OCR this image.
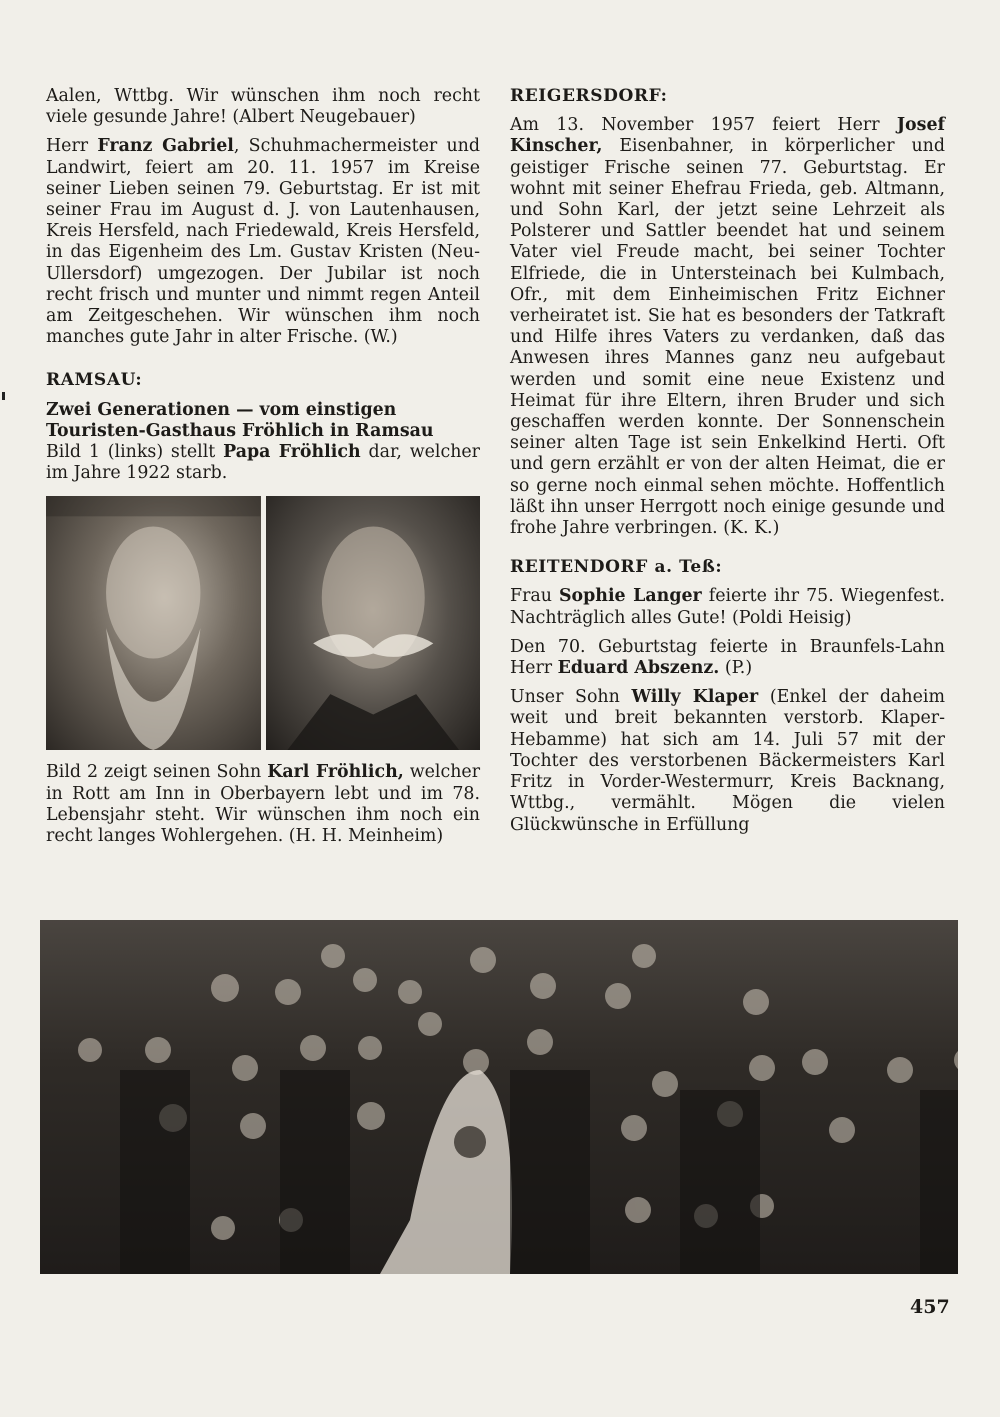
Aalen, Wttbg. Wir wünschen ihm noch recht viele gesunde Jahre! (Albert Neugebauer)

Herr Franz Gabriel, Schuhmachermeister und Landwirt, feiert am 20. 11. 1957 im Kreise seiner Lieben seinen 79. Geburtstag. Er ist mit seiner Frau im August d. J. von Lautenhausen, Kreis Hersfeld, nach Friedewald, Kreis Hersfeld, in das Eigenheim des Lm. Gustav Kristen (Neu-Ullersdorf) umgezogen. Der Jubilar ist noch recht frisch und munter und nimmt regen Anteil am Zeitgeschehen. Wir wünschen ihm noch manches gute Jahr in alter Frische. (W.)

RAMSAU:
Zwei Generationen — vom einstigen
Touristen-Gasthaus Fröhlich in Ramsau

Bild 1 (links) stellt Papa Fröhlich dar, welcher im Jahre 1922 starb.

Bild 2 zeigt seinen Sohn Karl Fröhlich, welcher in Rott am Inn in Oberbayern lebt und im 78. Lebensjahr steht. Wir wünschen ihm noch ein recht langes Wohlergehen. (H. H. Meinheim)

REIGERSDORF:

Am 13. November 1957 feiert Herr Josef Kinscher, Eisenbahner, in körperlicher und geistiger Frische seinen 77. Geburtstag. Er wohnt mit seiner Ehefrau Frieda, geb. Altmann, und Sohn Karl, der jetzt seine Lehrzeit als Polsterer und Sattler beendet hat und seinem Vater viel Freude macht, bei seiner Tochter Elfriede, die in Untersteinach bei Kulmbach, Ofr., mit dem Einheimischen Fritz Eichner verheiratet ist. Sie hat es besonders der Tatkraft und Hilfe ihres Vaters zu verdanken, daß das Anwesen ihres Mannes ganz neu aufgebaut werden und somit eine neue Existenz und Heimat für ihre Eltern, ihren Bruder und sich geschaffen werden konnte. Der Sonnenschein seiner alten Tage ist sein Enkelkind Herti. Oft und gern erzählt er von der alten Heimat, die er so gerne noch einmal sehen möchte. Hoffentlich läßt ihn unser Herrgott noch einige gesunde und frohe Jahre verbringen. (K. K.)

REITENDORF a. Teß:

Frau Sophie Langer feierte ihr 75. Wiegenfest. Nachträglich alles Gute! (Poldi Heisig)

Den 70. Geburtstag feierte in Braunfels-Lahn Herr Eduard Abszenz. (P.)

Unser Sohn Willy Klaper (Enkel der daheim weit und breit bekannten verstorb. Klaper-Hebamme) hat sich am 14. Juli 57 mit der Tochter des verstorbenen Bäckermeisters Karl Fritz in Vorder-Westermurr, Kreis Backnang, Wttbg., vermählt. Mögen die vielen Glückwünsche in Erfüllung

457
